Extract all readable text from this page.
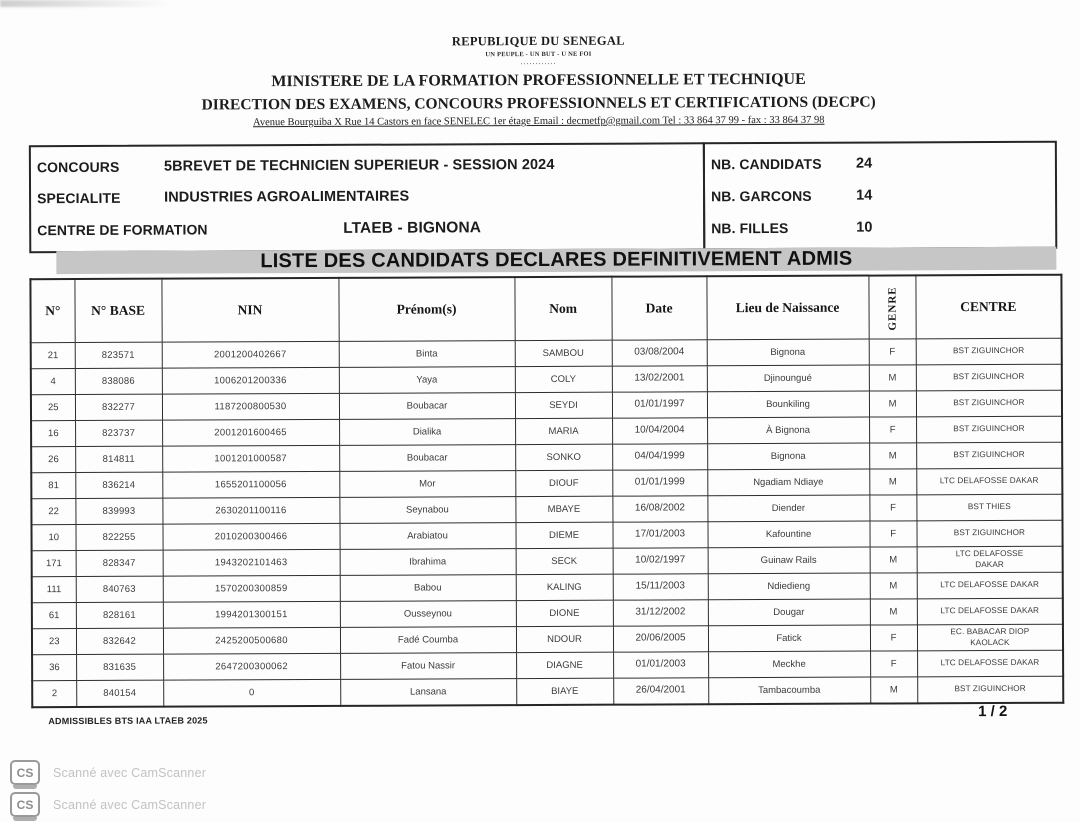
REPUBLIQUE DU SENEGAL
UN PEUPLE - UN BUT - U NE FOI
............
MINISTERE DE LA FORMATION PROFESSIONNELLE ET TECHNIQUE
DIRECTION DES EXAMENS, CONCOURS PROFESSIONNELS ET CERTIFICATIONS (DECPC)
Avenue Bourguiba X Rue 14 Castors en face SENELEC 1er étage Email : decmetfp@gmail.com Tel : 33 864 37 99 - fax : 33 864 37 98
CONCOURS	5BREVET DE TECHNICIEN SUPERIEUR - SESSION 2024
SPECIALITE	INDUSTRIES AGROALIMENTAIRES
CENTRE DE FORMATION	LTAEB - BIGNONA
NB. CANDIDATS	24
NB. GARCONS	14
NB. FILLES	10
LISTE DES CANDIDATS DECLARES DEFINITIVEMENT ADMIS
N°	N° BASE	NIN	Prénom(s)	Nom	Date	Lieu de Naissance	GENRE	CENTRE
21	823571	2001200402667	Binta	SAMBOU	03/08/2004	Bignona	F	BST ZIGUINCHOR
4	838086	1006201200336	Yaya	COLY	13/02/2001	Djinoungué	M	BST ZIGUINCHOR
25	832277	1187200800530	Boubacar	SEYDI	01/01/1997	Bounkiling	M	BST ZIGUINCHOR
16	823737	2001201600465	Dialika	MARIA	10/04/2004	À Bignona	F	BST ZIGUINCHOR
26	814811	1001201000587	Boubacar	SONKO	04/04/1999	Bignona	M	BST ZIGUINCHOR
81	836214	1655201100056	Mor	DIOUF	01/01/1999	Ngadiam Ndiaye	M	LTC DELAFOSSE DAKAR
22	839993	2630201100116	Seynabou	MBAYE	16/08/2002	Diender	F	BST THIES
10	822255	2010200300466	Arabiatou	DIEME	17/01/2003	Kafountine	F	BST ZIGUINCHOR
171	828347	1943202101463	Ibrahima	SECK	10/02/1997	Guinaw Rails	M	LTC DELAFOSSE
DAKAR
111	840763	1570200300859	Babou	KALING	15/11/2003	Ndiedieng	M	LTC DELAFOSSE DAKAR
61	828161	1994201300151	Ousseynou	DIONE	31/12/2002	Dougar	M	LTC DELAFOSSE DAKAR
23	832642	2425200500680	Fadé Coumba	NDOUR	20/06/2005	Fatick	F	EC. BABACAR DIOP
KAOLACK
36	831635	2647200300062	Fatou Nassir	DIAGNE	01/01/2003	Meckhe	F	LTC DELAFOSSE DAKAR
2	840154	0	Lansana	BIAYE	26/04/2001	Tambacoumba	M	BST ZIGUINCHOR
ADMISSIBLES BTS IAA LTAEB 2025
1 / 2
CS	Scanné avec CamScanner
CS	Scanné avec CamScanner
